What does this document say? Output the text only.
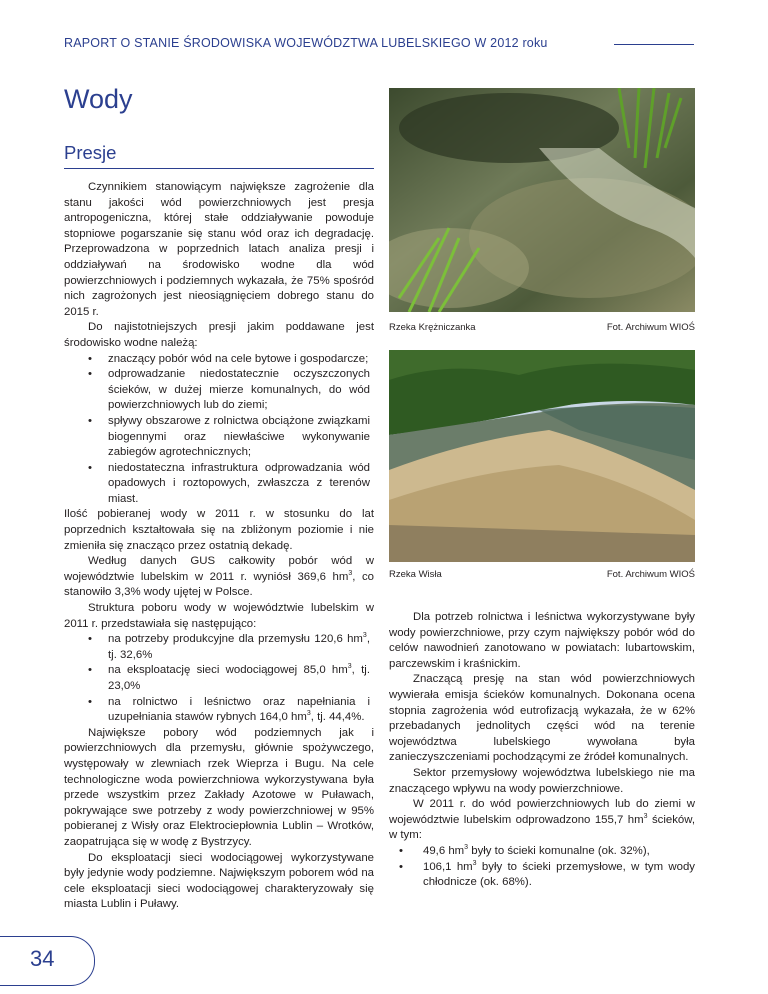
RAPORT O STANIE ŚRODOWISKA WOJEWÓDZTWA LUBELSKIEGO W 2012 roku
Wody
Presje

Czynnikiem stanowiącym największe zagrożenie dla stanu jakości wód powierzchniowych jest presja antropogeniczna, której stałe oddziaływanie powoduje stopniowe pogarszanie się stanu wód oraz ich degradację. Przeprowadzona w poprzednich latach analiza presji i oddziaływań na środowisko wodne dla wód powierzchniowych i podziemnych wykazała, że 75% spośród nich zagrożonych jest nieosiągnięciem dobrego stanu do 2015 r.

Do najistotniejszych presji jakim poddawane jest środowisko wodne należą:

• znaczący pobór wód na cele bytowe i gospodarcze;
• odprowadzanie niedostatecznie oczyszczonych ścieków, w dużej mierze komunalnych, do wód powierzchniowych lub do ziemi;
• spływy obszarowe z rolnictwa obciążone związkami biogennymi oraz niewłaściwe wykonywanie zabiegów agrotechnicznych;
• niedostateczna infrastruktura odprowadzania wód opadowych i roztopowych, zwłaszcza z terenów miast.

Ilość pobieranej wody w 2011 r. w stosunku do lat poprzednich kształtowała się na zbliżonym poziomie i nie zmieniła się znacząco przez ostatnią dekadę.

Według danych GUS całkowity pobór wód w województwie lubelskim w 2011 r. wyniósł 369,6 $hm^3$, co stanowiło 3,3% wody ujętej w Polsce.

Struktura poboru wody w województwie lubelskim w 2011 r. przedstawiała się następująco:

• na potrzeby produkcyjne dla przemysłu 120,6 $hm^3$, tj. 32,6%
• na eksploatację sieci wodociągowej 85,0 $hm^3$, tj. 23,0%
• na rolnictwo i leśnictwo oraz napełniania i uzupełniania stawów rybnych 164,0 $hm^3$, tj. 44,4%.

Największe pobory wód podziemnych jak i powierzchniowych dla przemysłu, głównie spożywczego, występowały w zlewniach rzek Wieprza i Bugu. Na cele technologiczne woda powierzchniowa wykorzystywana była przede wszystkim przez Zakłady Azotowe w Puławach, pokrywające swe potrzeby z wody powierzchniowej w 95% pobieranej z Wisły oraz Elektrociepłownia Lublin – Wrotków, zaopatrująca się w wodę z Bystrzycy.

Do eksploatacji sieci wodociągowej wykorzystywane były jedynie wody podziemne. Największym poborem wód na cele eksploatacji sieci wodociągowej charakteryzowały się miasta Lublin i Puławy.

Rzeka Krężniczanka	Fot. Archiwum WIOŚ
Rzeka Wisła	Fot. Archiwum WIOŚ

Dla potrzeb rolnictwa i leśnictwa wykorzystywane były wody powierzchniowe, przy czym największy pobór wód do celów nawodnień zanotowano w powiatach: lubartowskim, parczewskim i kraśnickim.

Znaczącą presję na stan wód powierzchniowych wywierała emisja ścieków komunalnych. Dokonana ocena stopnia zagrożenia wód eutrofizacją wykazała, że w 62% przebadanych jednolitych części wód na terenie województwa lubelskiego wywołana była zanieczyszczeniami pochodzącymi ze źródeł komunalnych.

Sektor przemysłowy województwa lubelskiego nie ma znaczącego wpływu na wody powierzchniowe.

W 2011 r. do wód powierzchniowych lub do ziemi w województwie lubelskim odprowadzono 155,7 $hm^3$ ścieków, w tym:

• 49,6 $hm^3$ były to ścieki komunalne (ok. 32%),
• 106,1 $hm^3$ były to ścieki przemysłowe, w tym wody chłodnicze (ok. 68%).
34
